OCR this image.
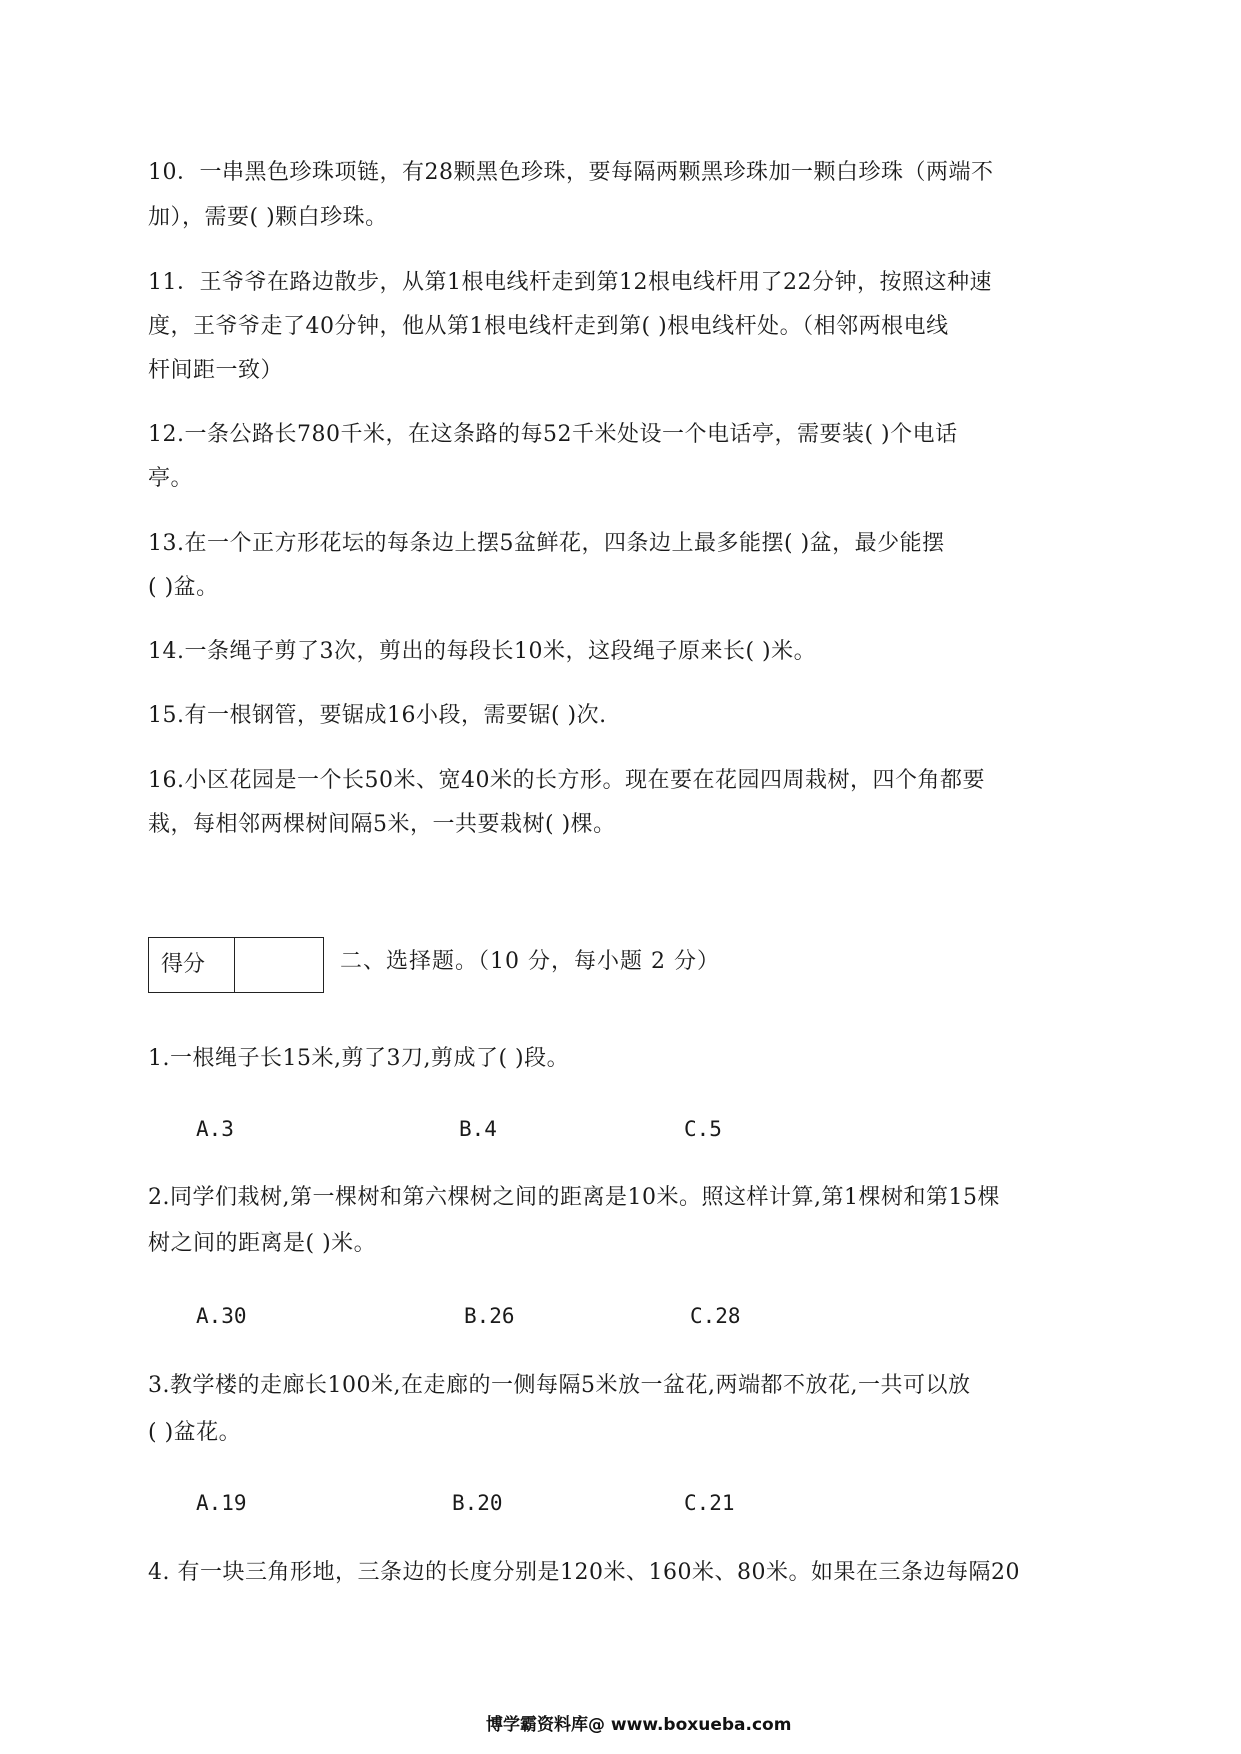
10．一串黑色珍珠项链，有28颗黑色珍珠，要每隔两颗黑珍珠加一颗白珍珠（两端不
加），需要( )颗白珍珠。
11．王爷爷在路边散步，从第1根电线杆走到第12根电线杆用了22分钟，按照这种速
度，王爷爷走了40分钟，他从第1根电线杆走到第( )根电线杆处。（相邻两根电线
杆间距一致）
12.一条公路长780千米，在这条路的每52千米处设一个电话亭，需要装( )个电话
亭。
13.在一个正方形花坛的每条边上摆5盆鲜花，四条边上最多能摆( )盆，最少能摆
( )盆。
14.一条绳子剪了3次，剪出的每段长10米，这段绳子原来长( )米。
15.有一根钢管，要锯成16小段，需要锯( )次.
16.小区花园是一个长50米、宽40米的长方形。现在要在花园四周栽树，四个角都要
栽，每相邻两棵树间隔5米，一共要栽树( )棵。
得分	二、选择题。（10 分，每小题 2 分）
1.一根绳子长15米,剪了3刀,剪成了( )段。
A.3	B.4	C.5
2.同学们栽树,第一棵树和第六棵树之间的距离是10米。照这样计算,第1棵树和第15棵
树之间的距离是( )米。
A.30	B.26	C.28
3.教学楼的走廊长100米,在走廊的一侧每隔5米放一盆花,两端都不放花,一共可以放
( )盆花。
A.19	B.20	C.21
4. 有一块三角形地，三条边的长度分别是120米、160米、80米。如果在三条边每隔20
博学霸资料库@ www.boxueba.com
